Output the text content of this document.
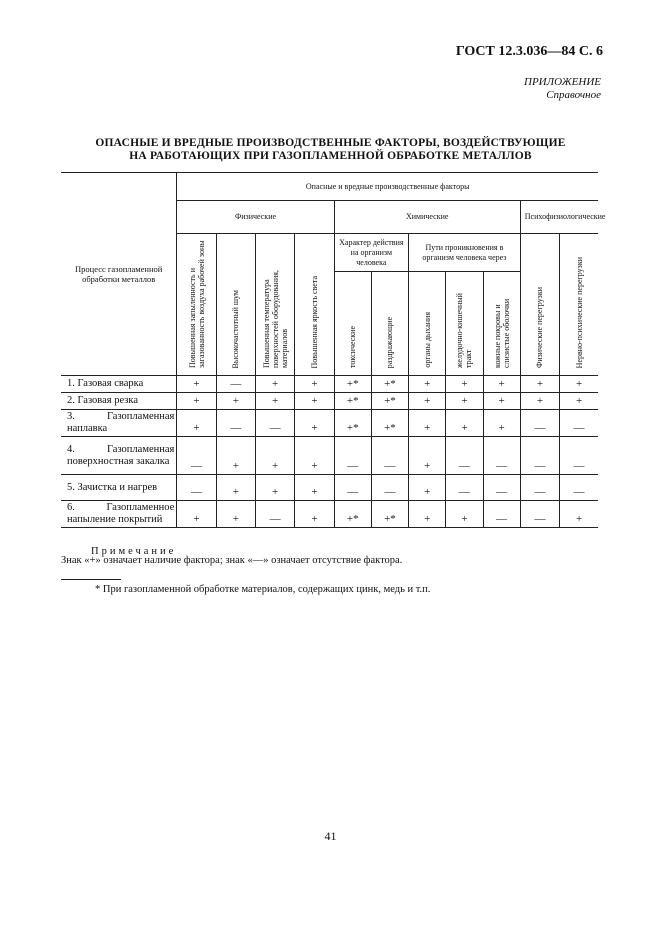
ГОСТ 12.3.036—84 С. 6
ПРИЛОЖЕНИЕ
Справочное
ОПАСНЫЕ И ВРЕДНЫЕ ПРОИЗВОДСТВЕННЫЕ ФАКТОРЫ, ВОЗДЕЙСТВУЮЩИЕ
НА РАБОТАЮЩИХ ПРИ ГАЗОПЛАМЕННОЙ ОБРАБОТКЕ МЕТАЛЛОВ
Процесс газопламенной обработки металлов	Опасные и вредные производственные факторы										
	Физические				Химические					Психофизиологические	
	Повышенная запыленность и загазованность воздуха рабочей зоны	Высокочастотный шум	Повышенная температура поверхностей оборудования, материалов	Повышенная яркость света	Характер действия на организм человека		Пути проникновения в организм человека через			Физические перегрузки	Нервно-психические перегрузки
					токсические	раздражающие	органы дыхания	желудочно-кишечный тракт	кожные покровы и слизистые оболочки		
1. Газовая сварка	+	—	+	+	+*	+*	+	+	+	+	+
2. Газовая резка	+	+	+	+	+*	+*	+	+	+	+	+
3. Газопламенная наплавка	+	—	—	+	+*	+*	+	+	+	—	—
4. Газопламенная поверхностная закалка	—	+	+	+	—	—	+	—	—	—	—
5. Зачистка и нагрев	—	+	+	+	—	—	+	—	—	—	—
6. Газопламенное напыление покрытий	+	+	—	+	+*	+*	+	+	—	—	+
Примечание
Знак «+» означает наличие фактора; знак «—» означает отсутствие фактора.
* При газопламенной обработке материалов, содержащих цинк, медь и т.п.
41
